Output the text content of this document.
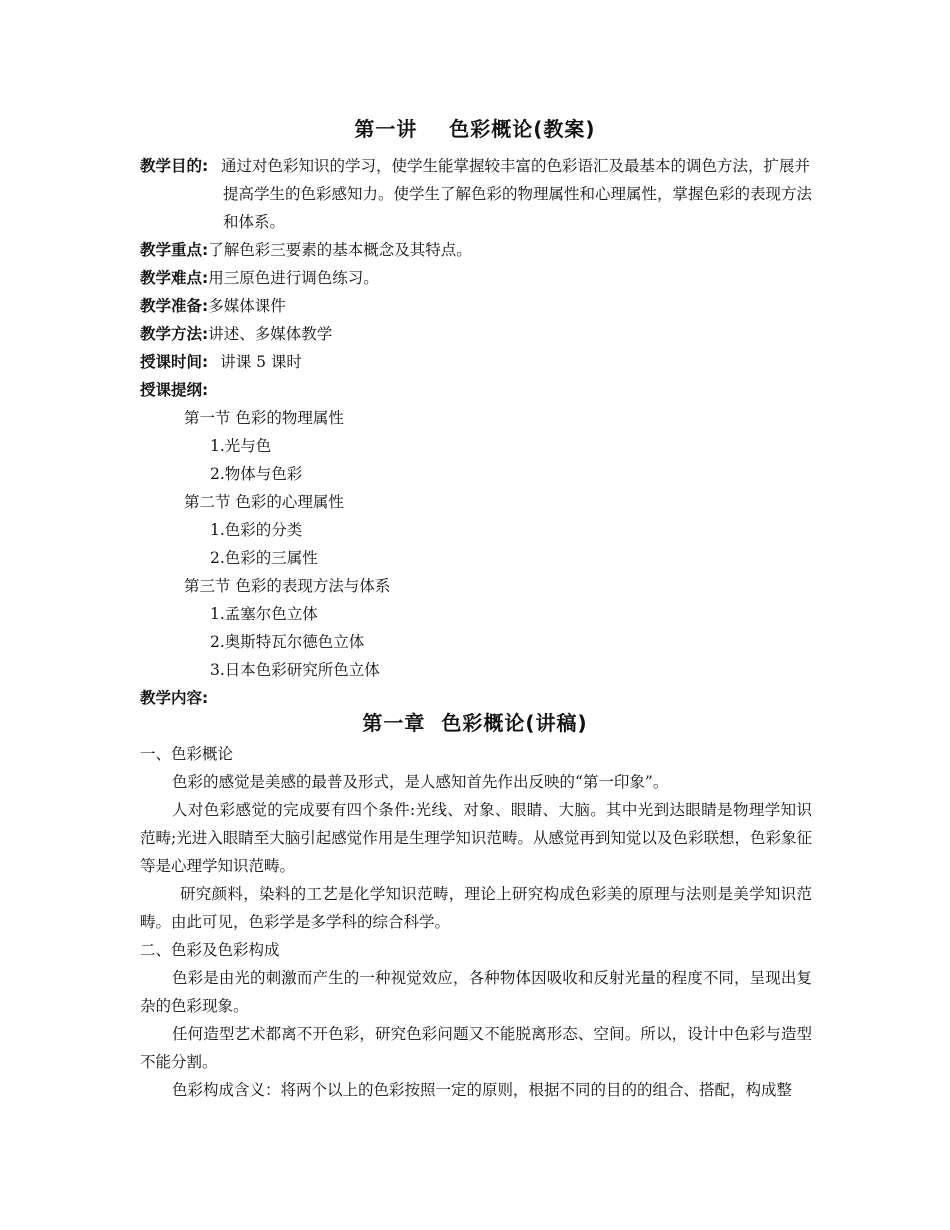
第一讲    色彩概论(教案)
教学目的: 通过对色彩知识的学习，使学生能掌握较丰富的色彩语汇及最基本的调色方法，扩展并提高学生的色彩感知力。使学生了解色彩的物理属性和心理属性，掌握色彩的表现方法和体系。
教学重点:了解色彩三要素的基本概念及其特点。
教学难点:用三原色进行调色练习。
教学准备:多媒体课件
教学方法:讲述、多媒体教学
授课时间: 讲课 5 课时
授课提纲:
第一节 色彩的物理属性
1.光与色
2.物体与色彩
第二节 色彩的心理属性
1.色彩的分类
2.色彩的三属性
第三节 色彩的表现方法与体系
1.孟塞尔色立体
2.奥斯特瓦尔德色立体
3.日本色彩研究所色立体
教学内容:
第一章  色彩概论(讲稿)
一、色彩概论
色彩的感觉是美感的最普及形式，是人感知首先作出反映的“第一印象”。
人对色彩感觉的完成要有四个条件:光线、对象、眼睛、大脑。其中光到达眼睛是物理学知识范畴;光进入眼睛至大脑引起感觉作用是生理学知识范畴。从感觉再到知觉以及色彩联想，色彩象征等是心理学知识范畴。
研究颜料，染料的工艺是化学知识范畴，理论上研究构成色彩美的原理与法则是美学知识范畴。由此可见，色彩学是多学科的综合科学。
二、色彩及色彩构成
色彩是由光的刺激而产生的一种视觉效应，各种物体因吸收和反射光量的程度不同，呈现出复杂的色彩现象。
任何造型艺术都离不开色彩，研究色彩问题又不能脱离形态、空间。所以，设计中色彩与造型不能分割。
色彩构成含义：将两个以上的色彩按照一定的原则，根据不同的目的的组合、搭配，构成整
